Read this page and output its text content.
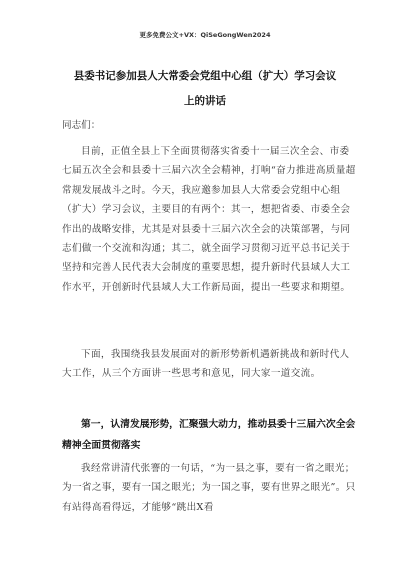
更多免费公文+VX：QiSeGongWen2024
县委书记参加县人大常委会党组中心组（扩大）学习会议
上的讲话
同志们：
目前，正值全县上下全面贯彻落实省委十一届三次全会、市委七届五次全会和县委十三届六次全会精神，打响“奋力推进高质量超常规发展战斗之时。今天，我应邀参加县人大常委会党组中心组（扩大）学习会议，主要目的有两个：其一，想把省委、市委全会作出的战略安排，尤其是对县委十三届六次全会的决策部署，与同志们做一个交流和沟通；其二，就全面学习贯彻习近平总书记关于坚持和完善人民代表大会制度的重要思想，提升新时代县域人大工作水平，开创新时代县域人大工作新局面，提出一些要求和期望。
下面，我围绕我县发展面对的新形势新机遇新挑战和新时代人大工作，从三个方面讲一些思考和意见，同大家一道交流。
第一，认清发展形势，汇聚强大动力，推动县委十三届六次全会精神全面贯彻落实
我经常讲清代张謇的一句话，“为一县之事，要有一省之眼光；为一省之事，要有一国之眼光；为一国之事，要有世界之眼光”。只有站得高看得远，才能够“跳出X看
